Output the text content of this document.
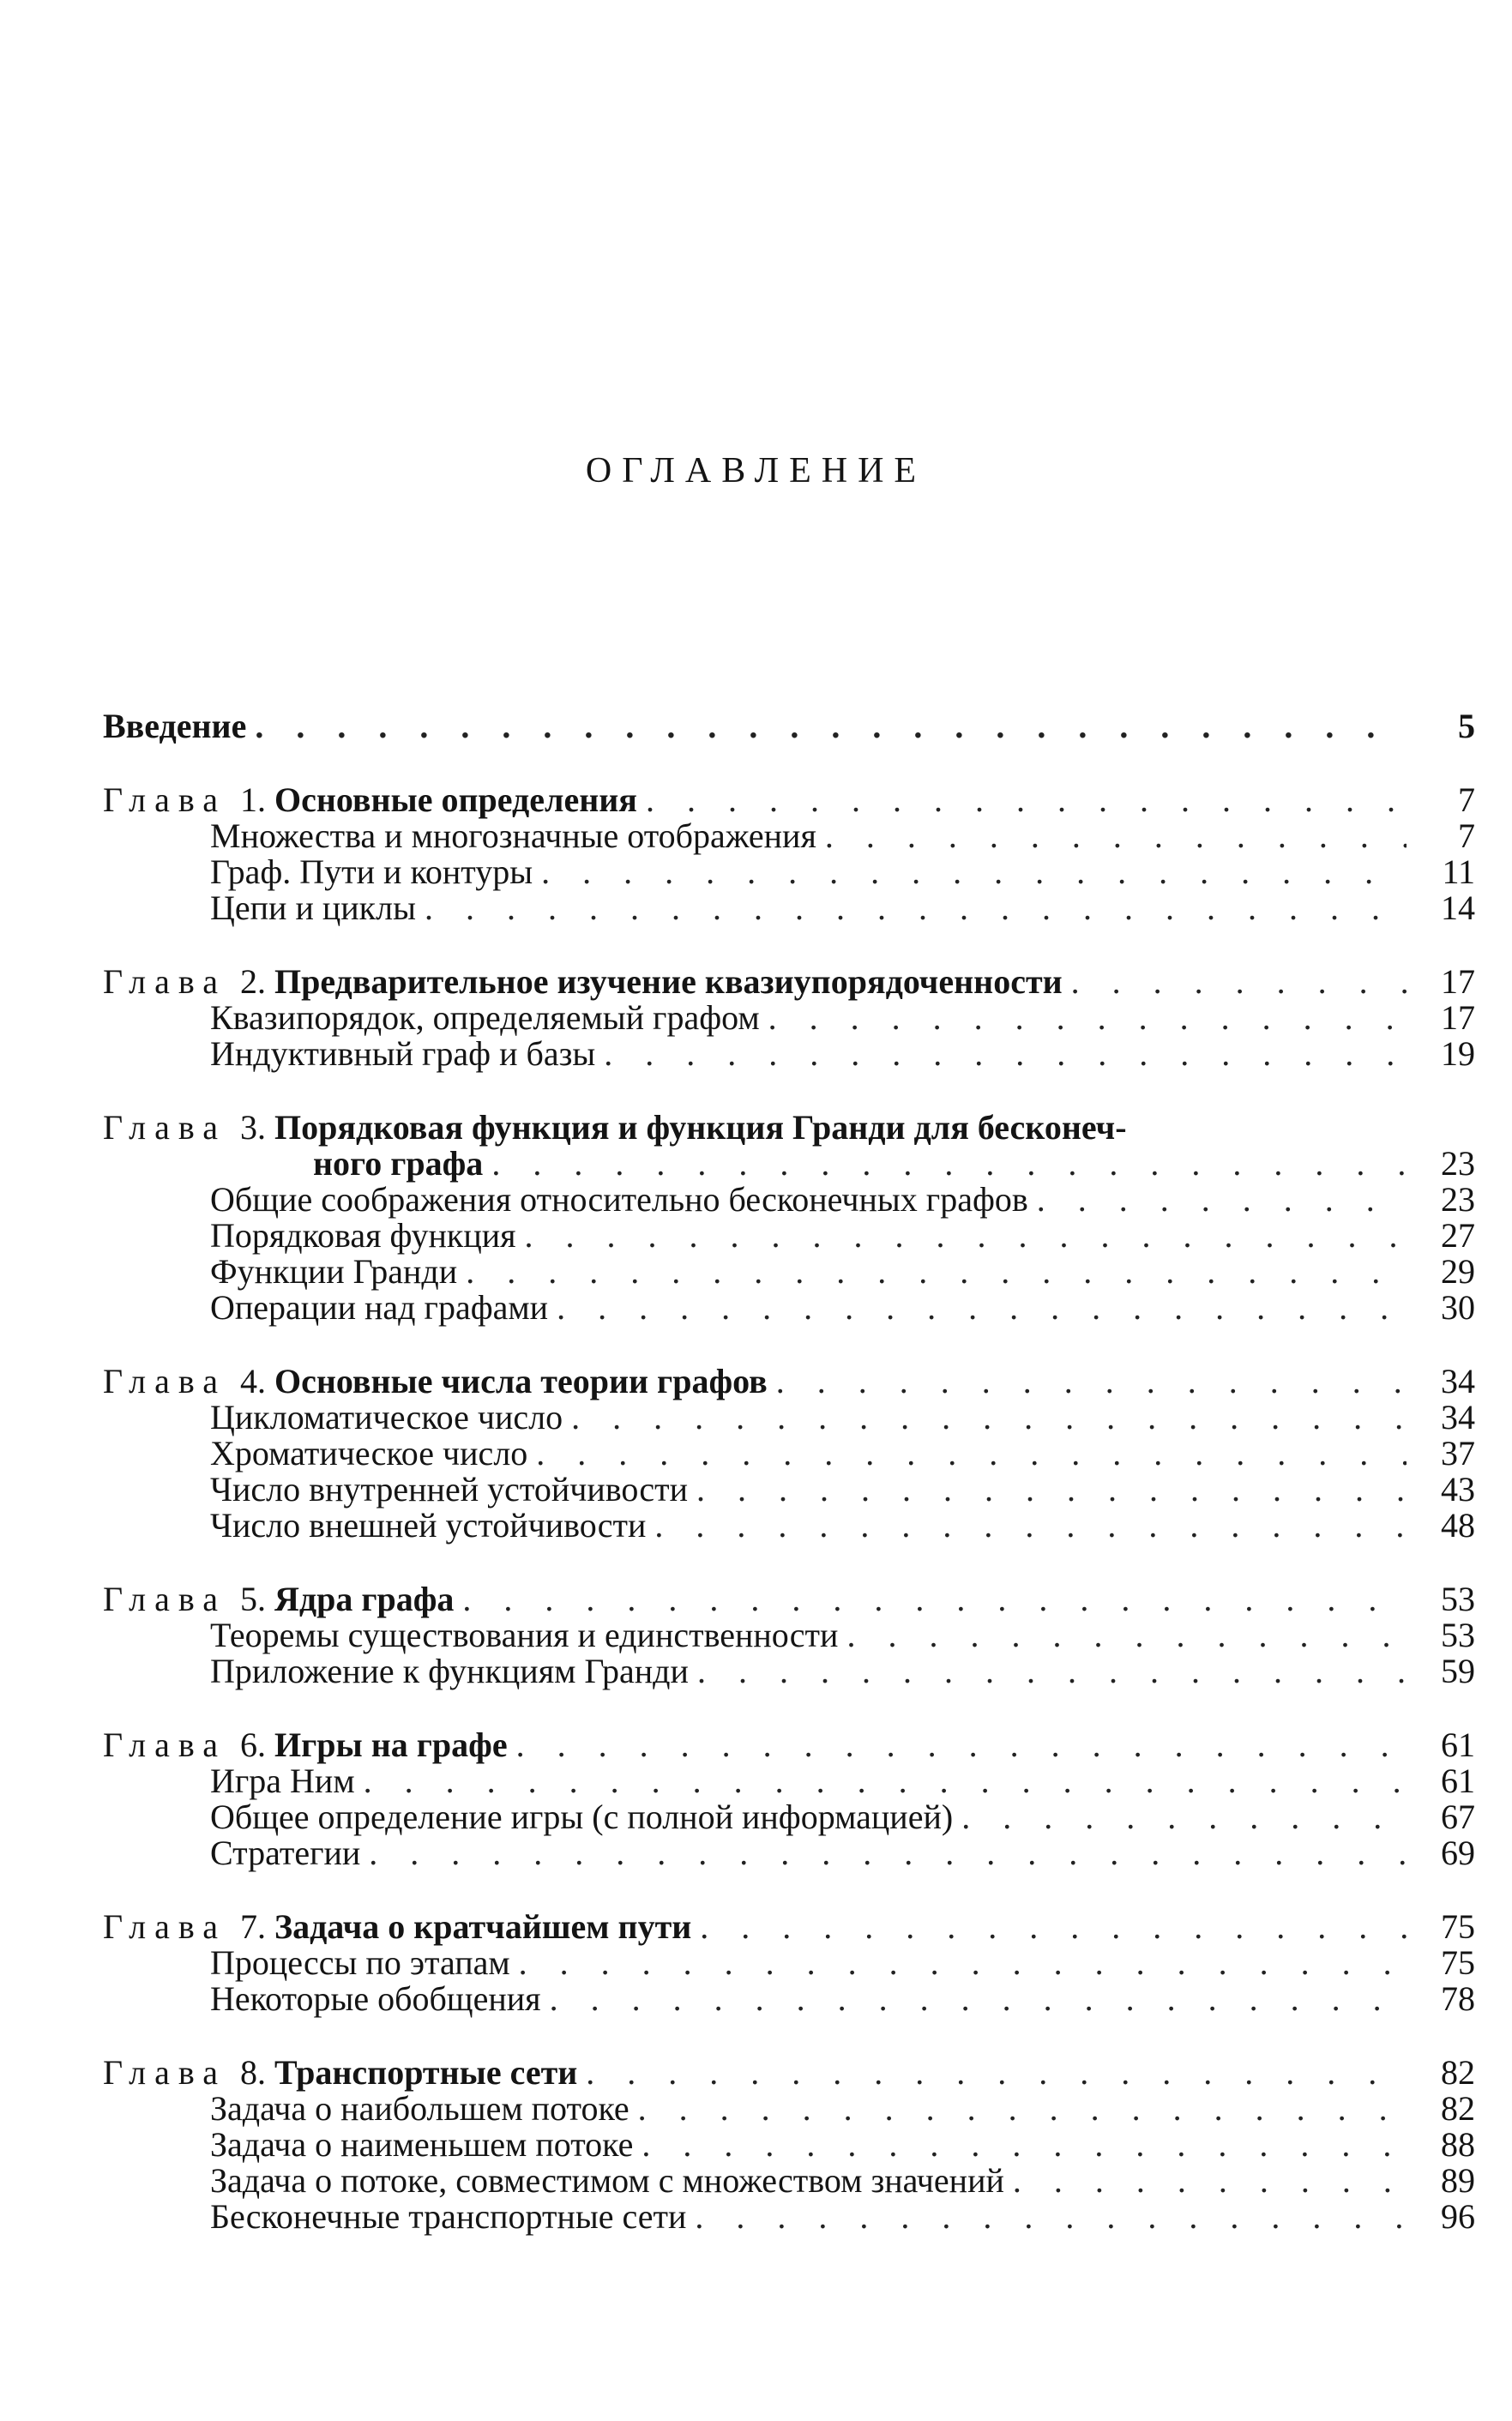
ОГЛАВЛЕНИЕ
Введение . . .	5
Глава 1. Основные определения . . .	7
Множества и многозначные отображения . . .	7
Граф. Пути и контуры . . .	11
Цепи и циклы . . .	14
Глава 2. Предварительное изучение квазиупорядоченности . . .	17
Квазипорядок, определяемый графом . . .	17
Индуктивный граф и базы . . .	19
Глава 3. Порядковая функция и функция Гранди для бесконеч-
ного графа . . .	23
Общие соображения относительно бесконечных графов . . .	23
Порядковая функция . . .	27
Функции Гранди . . .	29
Операции над графами . . .	30
Глава 4. Основные числа теории графов . . .	34
Цикломатическое число . . .	34
Хроматическое число . . .	37
Число внутренней устойчивости . . .	43
Число внешней устойчивости . . .	48
Глава 5. Ядра графа . . .	53
Теоремы существования и единственности . . .	53
Приложение к функциям Гранди . . .	59
Глава 6. Игры на графе . . .	61
Игра Ним . . .	61
Общее определение игры (с полной информацией) . . .	67
Стратегии . . .	69
Глава 7. Задача о кратчайшем пути . . .	75
Процессы по этапам . . .	75
Некоторые обобщения . . .	78
Глава 8. Транспортные сети . . .	82
Задача о наибольшем потоке . . .	82
Задача о наименьшем потоке . . .	88
Задача о потоке, совместимом с множеством значений . . .	89
Бесконечные транспортные сети . . .	96
